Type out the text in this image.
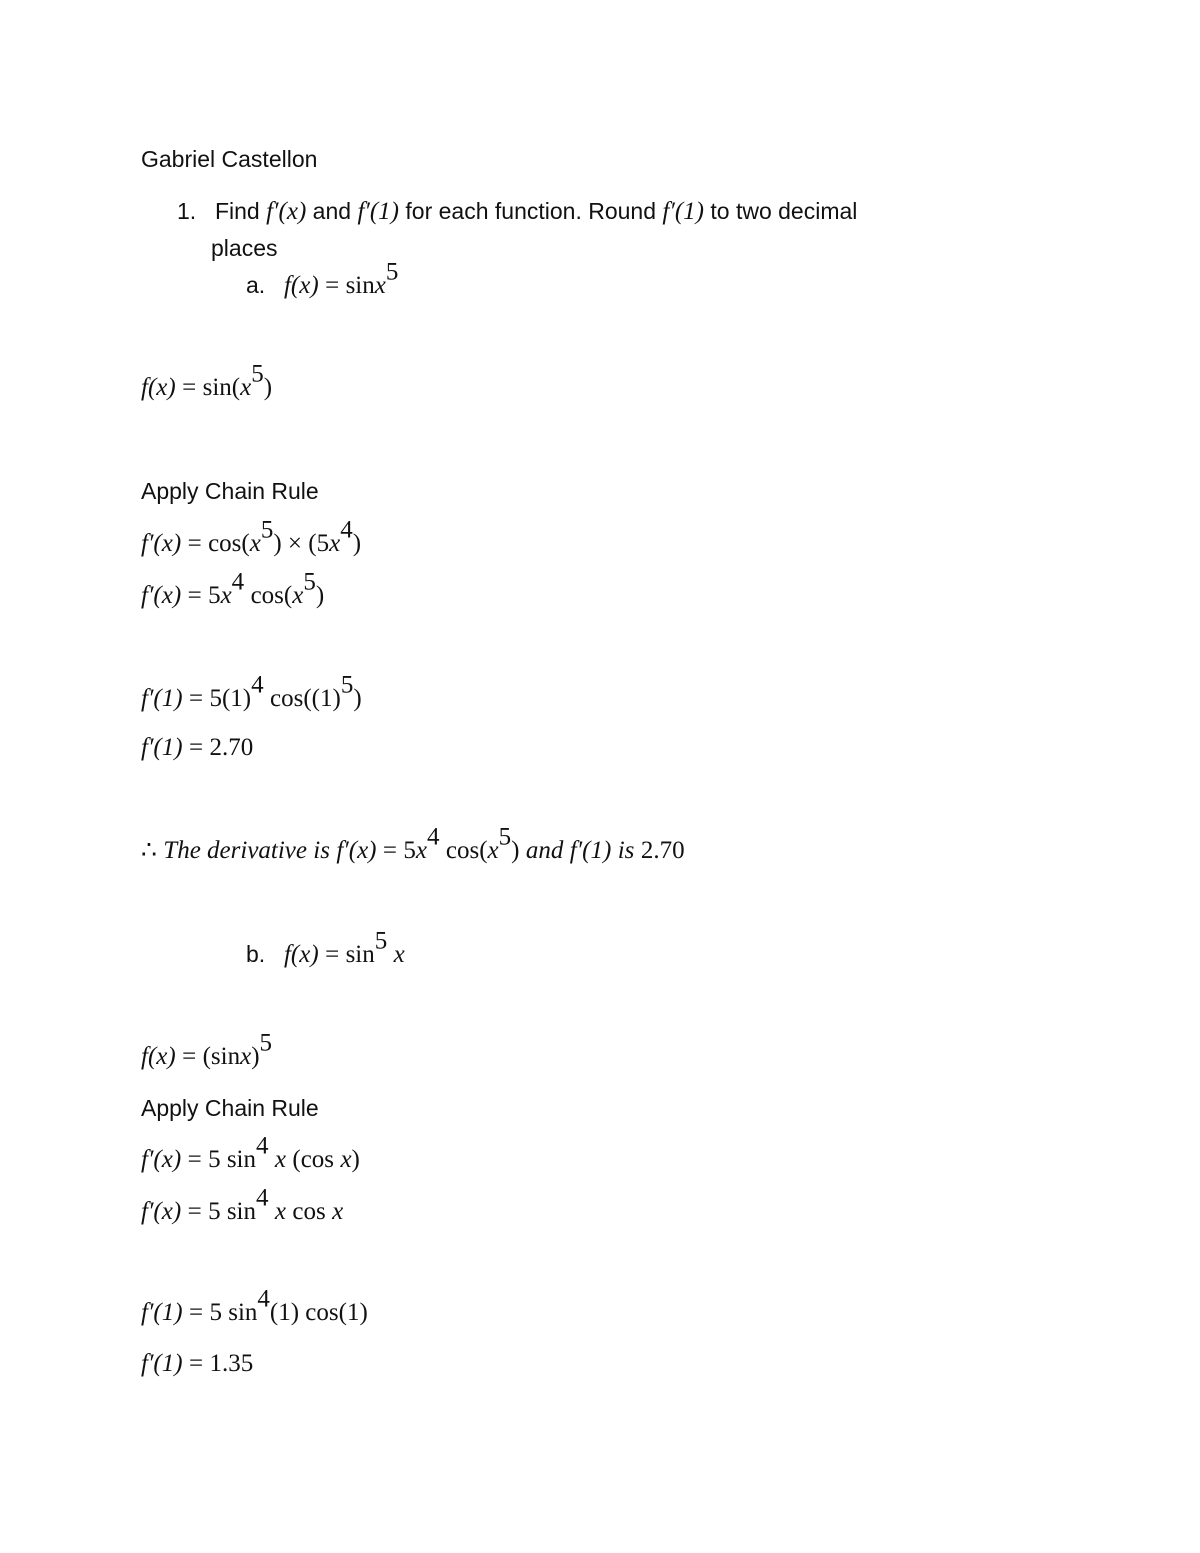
Gabriel Castellon
1. Find f′(x) and f′(1) for each function. Round f′(1) to two decimal
places
a. f(x) = sinx$^5$
$f(x) = \sin(x^5)$
Apply Chain Rule
$f'(x) = \cos(x^5) \times (5x^4)$
$f'(x) = 5x^4$ $\cos(x^5)$
$f'(1) = 5(1)^4$ $\cos((1)^5)$
f′(1) = 2.70
∴ The derivative is $f'(x) = 5x^4$ $\cos(x^5)$ and f′(1) is 2.70
b. $f(x) = \sin^5 x$
$f(x) = (\sin x)^5$
Apply Chain Rule
f′(x) = 5 $\sin^4 x$ (cos x)
f′(x) = 5 $\sin^4 x$ cos x
f′(1) = 5 $\sin^4(1)$ cos(1)
f′(1) = 1.35
